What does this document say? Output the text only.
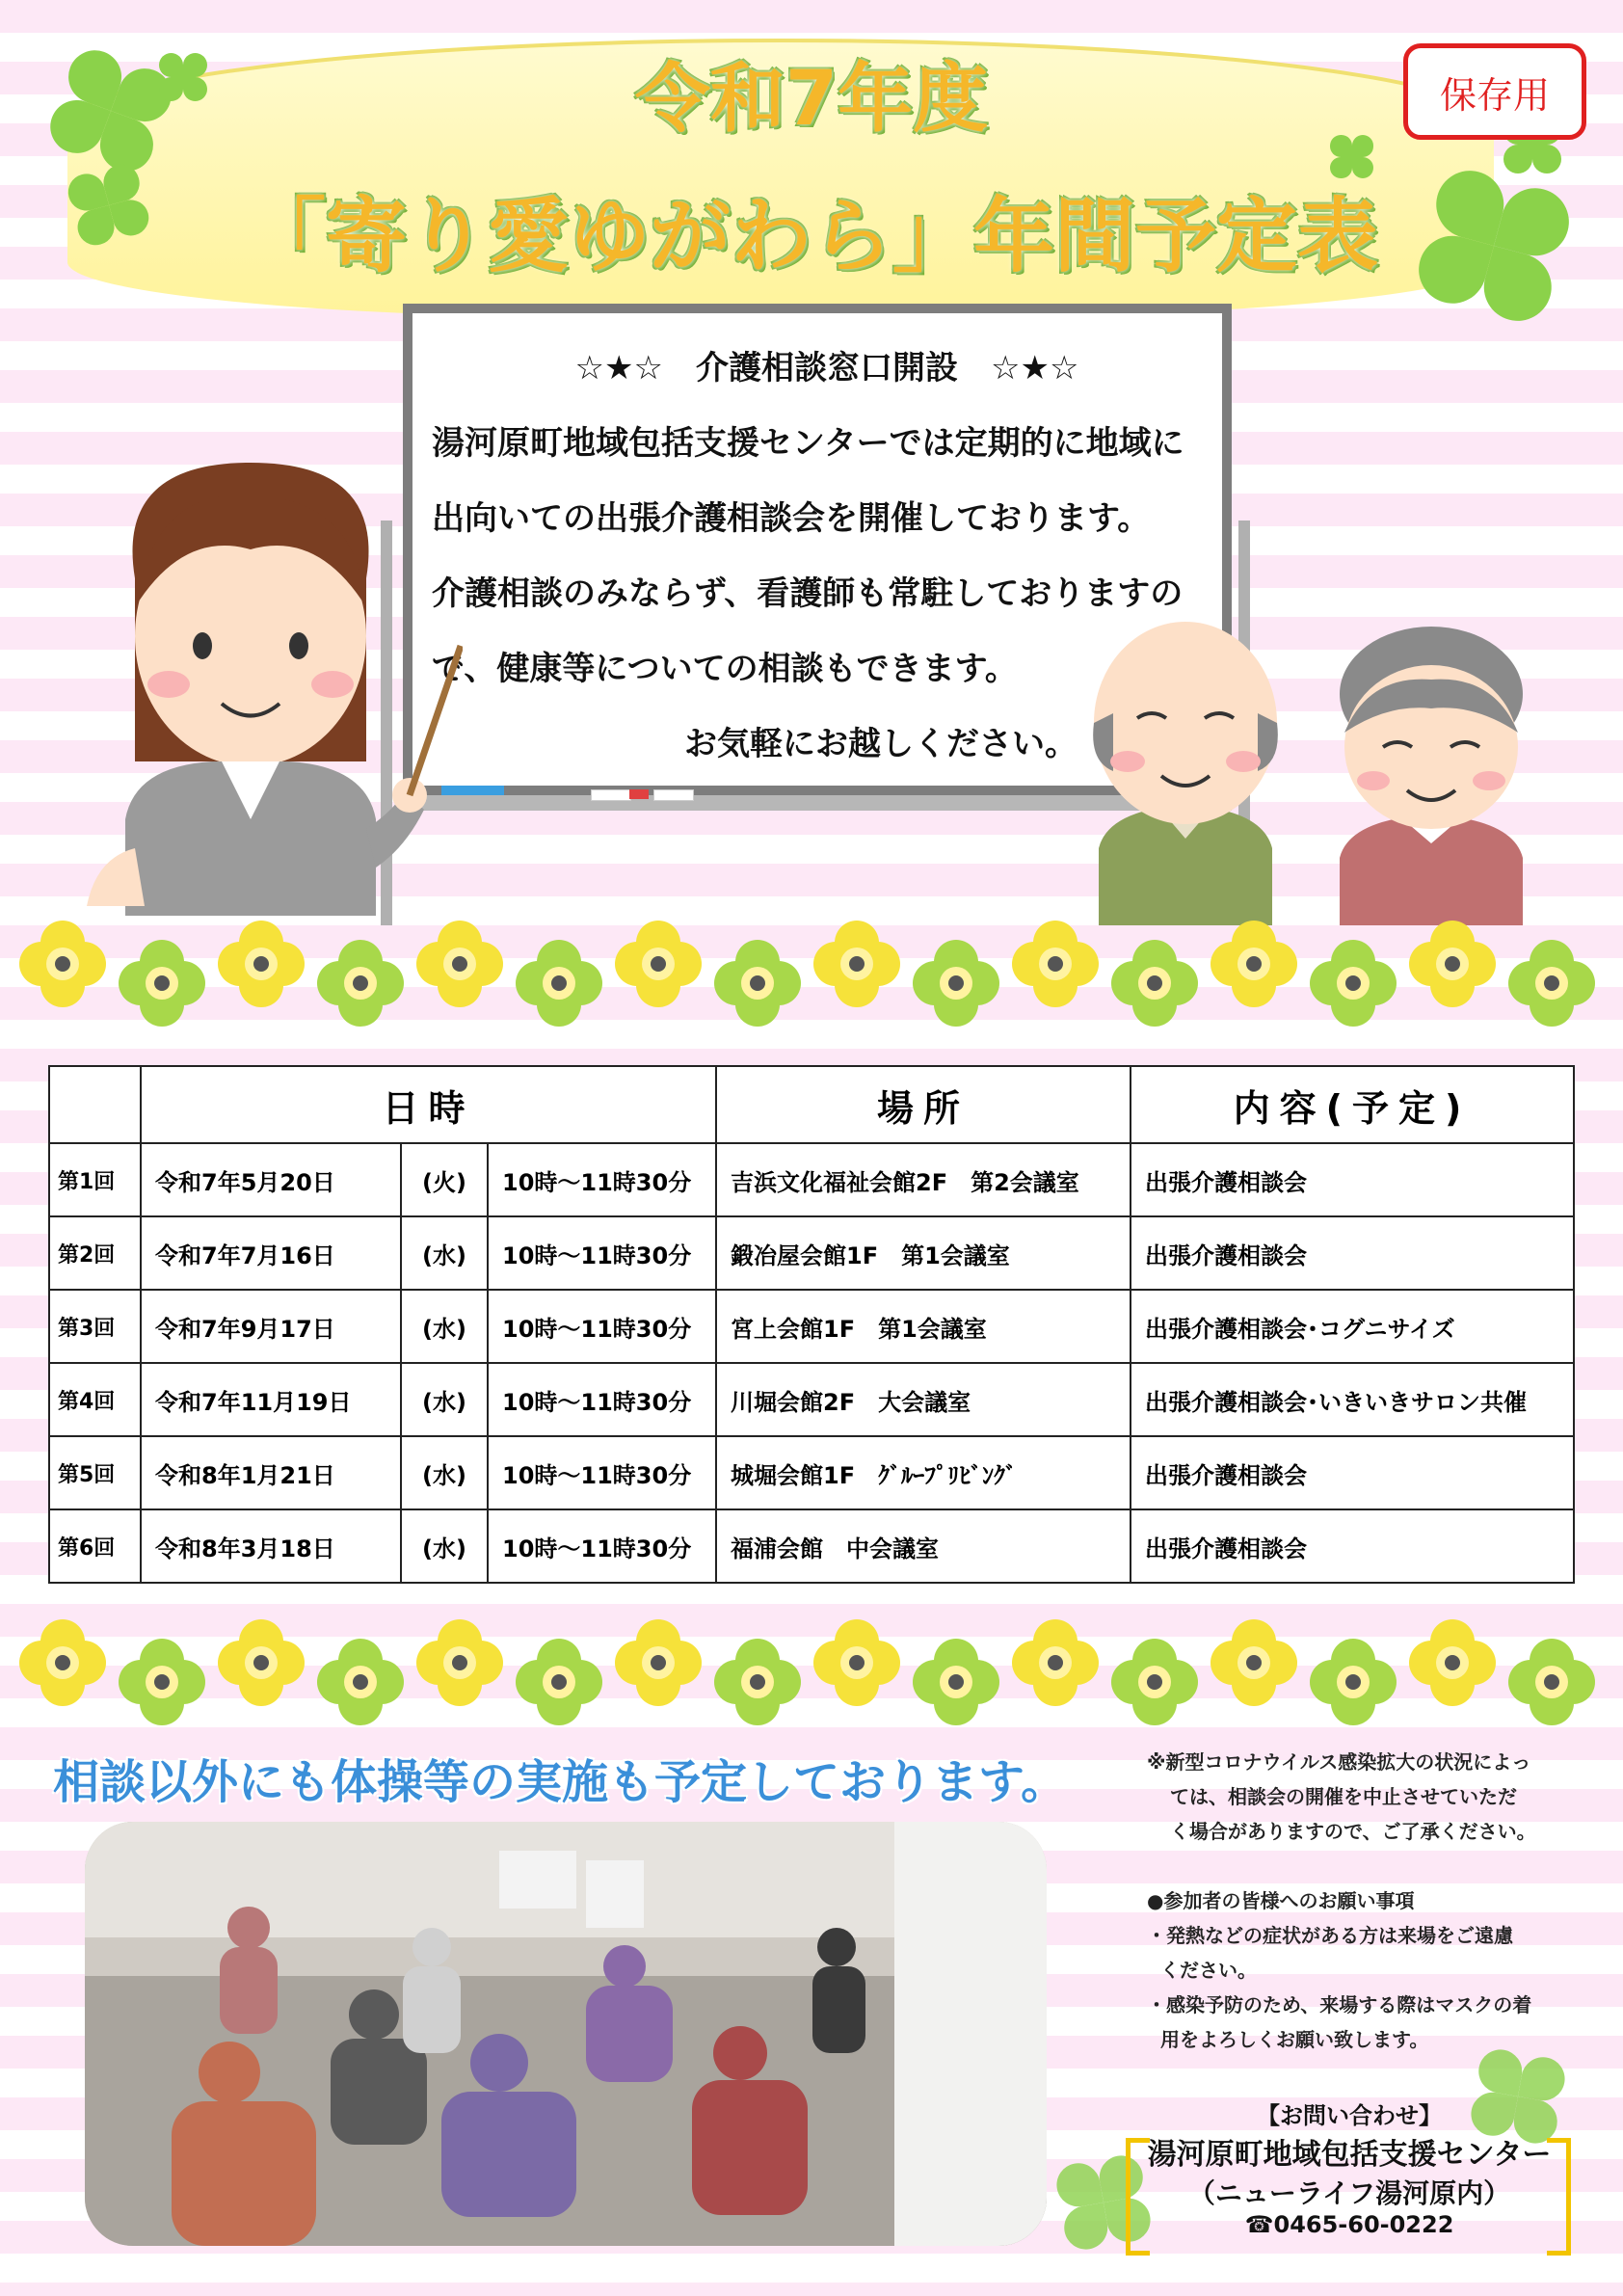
令和7年度
「寄り愛ゆがわら」年間予定表
保存用
☆★☆　介護相談窓口開設　☆★☆
湯河原町地域包括支援センターでは定期的に地域に
出向いての出張介護相談会を開催しております。
介護相談のみならず、看護師も常駐しておりますの
で、健康等についての相談もできます。
お気軽にお越しください。
	日時			場所	内容(予定)
第1回	令和7年5月20日	(火)	10時～11時30分	吉浜文化福祉会館2F　第2会議室	出張介護相談会
第2回	令和7年7月16日	(水)	10時～11時30分	鍛冶屋会館1F　第1会議室	出張介護相談会
第3回	令和7年9月17日	(水)	10時～11時30分	宮上会館1F　第1会議室	出張介護相談会･コグニサイズ
第4回	令和7年11月19日	(水)	10時～11時30分	川堀会館2F　大会議室	出張介護相談会･いきいきサロン共催
第5回	令和8年1月21日	(水)	10時～11時30分	城堀会館1F　ｸﾞﾙｰﾌﾟﾘﾋﾞﾝｸﾞ	出張介護相談会
第6回	令和8年3月18日	(水)	10時～11時30分	福浦会館　中会議室	出張介護相談会
相談以外にも体操等の実施も予定しております。	※新型コロナウイルス感染拡大の状況によっ

ては、相談会の開催を中止させていただ

く場合がありますので、ご了承ください。

●参加者の皆様へのお願い事項

・発熱などの症状がある方は来場をご遠慮

ください。

・感染予防のため、来場する際はマスクの着

用をよろしくお願い致します。

【お問い合わせ】
湯河原町地域包括支援センター
（ニューライフ湯河原内）
☎0465-60-0222
